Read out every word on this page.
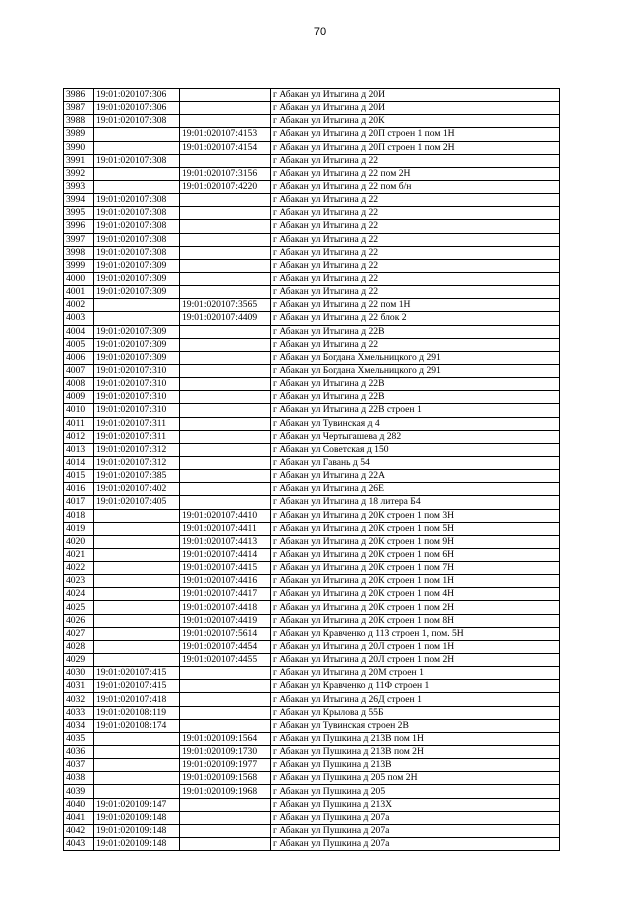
70
3986	19:01:020107:306		г Абакан ул Итыгина д 20И
3987	19:01:020107:306		г Абакан ул Итыгина д 20И
3988	19:01:020107:308		г Абакан ул Итыгина д 20К
3989		19:01:020107:4153	г Абакан ул Итыгина д 20П строен 1 пом 1Н
3990		19:01:020107:4154	г Абакан ул Итыгина д 20П строен 1 пом 2Н
3991	19:01:020107:308		г Абакан ул Итыгина д 22
3992		19:01:020107:3156	г Абакан ул Итыгина д 22 пом 2Н
3993		19:01:020107:4220	г Абакан ул Итыгина д 22 пом б/н
3994	19:01:020107:308		г Абакан ул Итыгина д 22
3995	19:01:020107:308		г Абакан ул Итыгина д 22
3996	19:01:020107:308		г Абакан ул Итыгина д 22
3997	19:01:020107:308		г Абакан ул Итыгина д 22
3998	19:01:020107:308		г Абакан ул Итыгина д 22
3999	19:01:020107:309		г Абакан ул Итыгина д 22
4000	19:01:020107:309		г Абакан ул Итыгина д 22
4001	19:01:020107:309		г Абакан ул Итыгина д 22
4002		19:01:020107:3565	г Абакан ул Итыгина д 22 пом 1Н
4003		19:01:020107:4409	г Абакан ул Итыгина д 22 блок 2
4004	19:01:020107:309		г Абакан ул Итыгина д 22В
4005	19:01:020107:309		г Абакан ул Итыгина д 22
4006	19:01:020107:309		г Абакан ул Богдана Хмельницкого д 291
4007	19:01:020107:310		г Абакан ул Богдана Хмельницкого д 291
4008	19:01:020107:310		г Абакан ул Итыгина д 22В
4009	19:01:020107:310		г Абакан ул Итыгина д 22В
4010	19:01:020107:310		г Абакан ул Итыгина д 22В строен 1
4011	19:01:020107:311		г Абакан ул Тувинская д 4
4012	19:01:020107:311		г Абакан ул Чертыгашева д 282
4013	19:01:020107:312		г Абакан ул Советская д 150
4014	19:01:020107:312		г Абакан ул Гавань д 54
4015	19:01:020107:385		г Абакан ул Итыгина д 22А
4016	19:01:020107:402		г Абакан ул Итыгина д 26Е
4017	19:01:020107:405		г Абакан ул Итыгина д 18 литера Б4
4018		19:01:020107:4410	г Абакан ул Итыгина д 20К строен 1 пом 3Н
4019		19:01:020107:4411	г Абакан ул Итыгина д 20К строен 1 пом 5Н
4020		19:01:020107:4413	г Абакан ул Итыгина д 20К строен 1 пом 9Н
4021		19:01:020107:4414	г Абакан ул Итыгина д 20К строен 1 пом 6Н
4022		19:01:020107:4415	г Абакан ул Итыгина д 20К строен 1 пом 7Н
4023		19:01:020107:4416	г Абакан ул Итыгина д 20К строен 1 пом 1Н
4024		19:01:020107:4417	г Абакан ул Итыгина д 20К строен 1 пом 4Н
4025		19:01:020107:4418	г Абакан ул Итыгина д 20К строен 1 пом 2Н
4026		19:01:020107:4419	г Абакан ул Итыгина д 20К строен 1 пом 8Н
4027		19:01:020107:5614	г Абакан ул Кравченко д 11З строен 1, пом. 5Н
4028		19:01:020107:4454	г Абакан ул Итыгина д 20Л строен 1 пом 1Н
4029		19:01:020107:4455	г Абакан ул Итыгина д 20Л строен 1 пом 2Н
4030	19:01:020107:415		г Абакан ул Итыгина д 20М строен 1
4031	19:01:020107:415		г Абакан ул Кравченко д 11Ф строен 1
4032	19:01:020107:418		г Абакан ул Итыгина д 26Д строен 1
4033	19:01:020108:119		г Абакан ул Крылова д 55Б
4034	19:01:020108:174		г Абакан ул Тувинская строен 2В
4035		19:01:020109:1564	г Абакан ул Пушкина д 213В пом 1Н
4036		19:01:020109:1730	г Абакан ул Пушкина д 213В пом 2Н
4037		19:01:020109:1977	г Абакан ул Пушкина д 213В
4038		19:01:020109:1568	г Абакан ул Пушкина д 205 пом 2Н
4039		19:01:020109:1968	г Абакан ул Пушкина д 205
4040	19:01:020109:147		г Абакан ул Пушкина д 213Х
4041	19:01:020109:148		г Абакан ул Пушкина д 207а
4042	19:01:020109:148		г Абакан ул Пушкина д 207а
4043	19:01:020109:148		г Абакан ул Пушкина д 207а
